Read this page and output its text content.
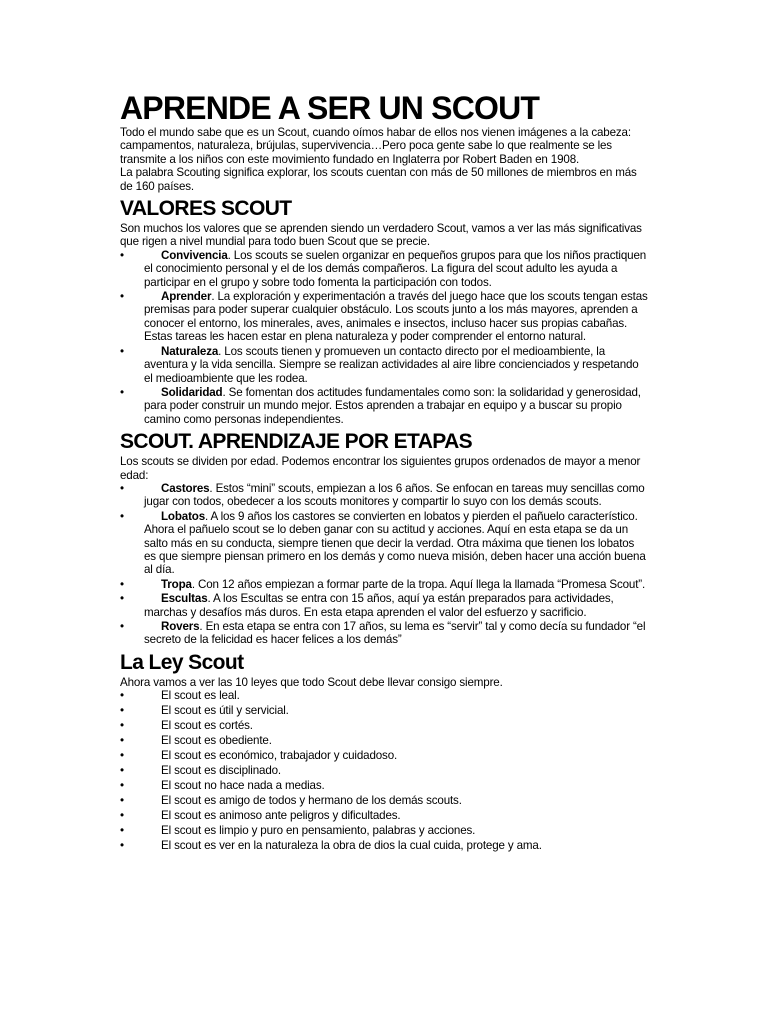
APRENDE A SER UN SCOUT

Todo el mundo sabe que es un Scout, cuando oímos habar de ellos nos vienen imágenes a la cabeza: campamentos, naturaleza, brújulas, supervivencia…Pero poca gente sabe lo que realmente se les transmite a los niños con este movimiento fundado en Inglaterra por Robert Baden en 1908.

La palabra Scouting significa explorar, los scouts cuentan con más de 50 millones de miembros en más de 160 países.

VALORES SCOUT

Son muchos los valores que se aprenden siendo un verdadero Scout, vamos a ver las más significativas que rigen a nivel mundial para todo buen Scout que se precie.

•	Convivencia. Los scouts se suelen organizar en pequeños grupos para que los niños practiquen el conocimiento personal y el de los demás compañeros. La figura del scout adulto les ayuda a participar en el grupo y sobre todo fomenta la participación con todos.
•	Aprender. La exploración y experimentación a través del juego hace que los scouts tengan estas premisas para poder superar cualquier obstáculo. Los scouts junto a los más mayores, aprenden a conocer el entorno, los minerales, aves, animales e insectos, incluso hacer sus propias cabañas. Estas tareas les hacen estar en plena naturaleza y poder comprender el entorno natural.
•	Naturaleza. Los scouts tienen y promueven un contacto directo por el medioambiente, la aventura y la vida sencilla. Siempre se realizan actividades al aire libre concienciados y respetando el medioambiente que les rodea.
•	Solidaridad. Se fomentan dos actitudes fundamentales como son: la solidaridad y generosidad, para poder construir un mundo mejor. Estos aprenden a trabajar en equipo y a buscar su propio camino como personas independientes.
SCOUT. APRENDIZAJE POR ETAPAS

Los scouts se dividen por edad. Podemos encontrar los siguientes grupos ordenados de mayor a menor edad:

•	Castores. Estos “mini” scouts, empiezan a los 6 años. Se enfocan en tareas muy sencillas como jugar con todos, obedecer a los scouts monitores y compartir lo suyo con los demás scouts.
•	Lobatos. A los 9 años los castores se convierten en lobatos y pierden el pañuelo característico. Ahora el pañuelo scout se lo deben ganar con su actitud y acciones. Aquí en esta etapa se da un salto más en su conducta, siempre tienen que decir la verdad. Otra máxima que tienen los lobatos es que siempre piensan primero en los demás y como nueva misión, deben hacer una acción buena al día.
•	Tropa. Con 12 años empiezan a formar parte de la tropa. Aquí llega la llamada “Promesa Scout”.
•	Escultas. A los Escultas se entra con 15 años, aquí ya están preparados para actividades, marchas y desafíos más duros. En esta etapa aprenden el valor del esfuerzo y sacrificio.
•	Rovers. En esta etapa se entra con 17 años, su lema es “servir” tal y como decía su fundador “el secreto de la felicidad es hacer felices a los demás”
La Ley Scout

Ahora vamos a ver las 10 leyes que todo Scout debe llevar consigo siempre.

•	El scout es leal.
•	El scout es útil y servicial.
•	El scout es cortés.
•	El scout es obediente.
•	El scout es económico, trabajador y cuidadoso.
•	El scout es disciplinado.
•	El scout no hace nada a medias.
•	El scout es amigo de todos y hermano de los demás scouts.
•	El scout es animoso ante peligros y dificultades.
•	El scout es limpio y puro en pensamiento, palabras y acciones.
•	El scout es ver en la naturaleza la obra de dios la cual cuida, protege y ama.
